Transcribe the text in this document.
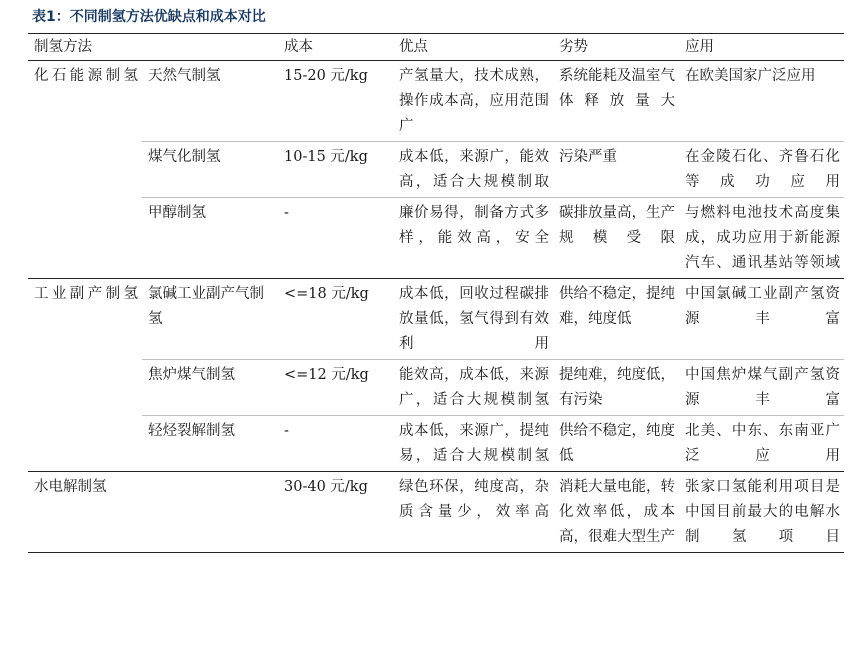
表1：不同制氢方法优缺点和成本对比
制氢方法		成本	优点	劣势	应用
化石能源制氢	天然气制氢	15-20 元/kg	产氢量大，技术成熟，操作成本高，应用范围广	系统能耗及温室气体释放量大	在欧美国家广泛应用
	煤气化制氢	10-15 元/kg	成本低，来源广，能效高，适合大规模制取	污染严重	在金陵石化、齐鲁石化等成功应用
	甲醇制氢	-	廉价易得，制备方式多样，能效高，安全	碳排放量高，生产规模受限	与燃料电池技术高度集成，成功应用于新能源汽车、通讯基站等领域
工业副产制氢	氯碱工业副产气制氢	<=18 元/kg	成本低，回收过程碳排放量低，氢气得到有效利用	供给不稳定，提纯难，纯度低	中国氯碱工业副产氢资源丰富
	焦炉煤气制氢	<=12 元/kg	能效高，成本低，来源广，适合大规模制氢	提纯难，纯度低，有污染	中国焦炉煤气副产氢资源丰富
	轻烃裂解制氢	-	成本低，来源广，提纯易，适合大规模制氢	供给不稳定，纯度低	北美、中东、东南亚广泛应用
水电解制氢		30-40 元/kg	绿色环保，纯度高，杂质含量少，效率高	消耗大量电能，转化效率低，成本高，很难大型生产	张家口氢能利用项目是中国目前最大的电解水制氢项目
